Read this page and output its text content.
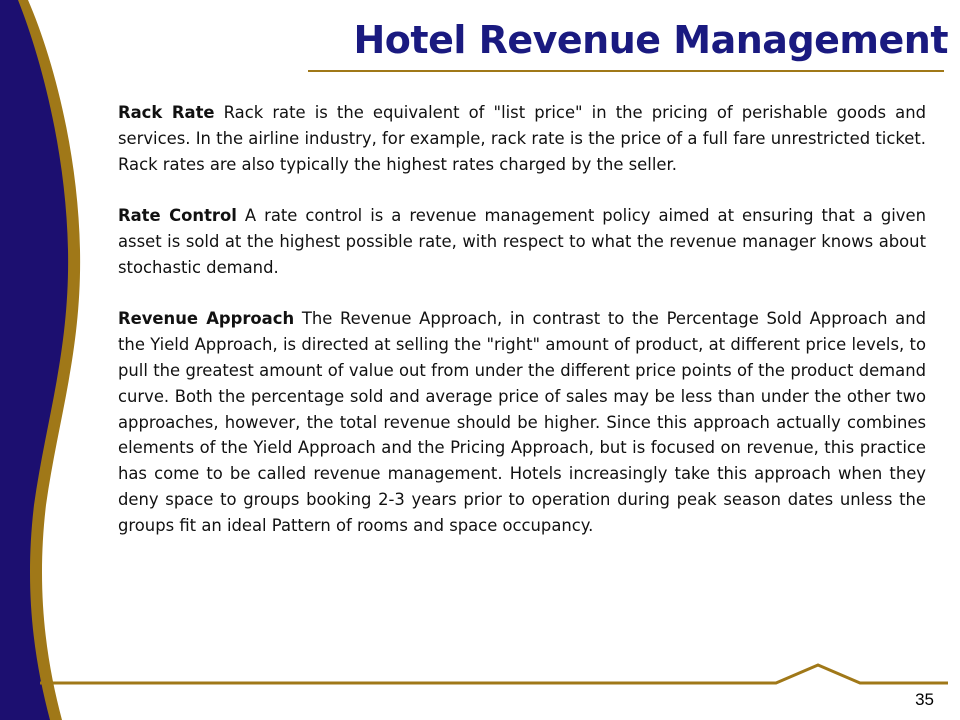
Hotel Revenue Management

Rack Rate Rack rate is the equivalent of "list price" in the pricing of perishable goods and services. In the airline industry, for example, rack rate is the price of a full fare unrestricted ticket. Rack rates are also typically the highest rates charged by the seller.

Rate Control A rate control is a revenue management policy aimed at ensuring that a given asset is sold at the highest possible rate, with respect to what the revenue manager knows about stochastic demand.

Revenue Approach The Revenue Approach, in contrast to the Percentage Sold Approach and the Yield Approach, is directed at selling the "right" amount of product, at different price levels, to pull the greatest amount of value out from under the different price points of the product demand curve. Both the percentage sold and average price of sales may be less than under the other two approaches, however, the total revenue should be higher. Since this approach actually combines elements of the Yield Approach and the Pricing Approach, but is focused on revenue, this practice has come to be called revenue management. Hotels increasingly take this approach when they deny space to groups booking 2-3 years prior to operation during peak season dates unless the groups fit an ideal Pattern of rooms and space occupancy.

35
